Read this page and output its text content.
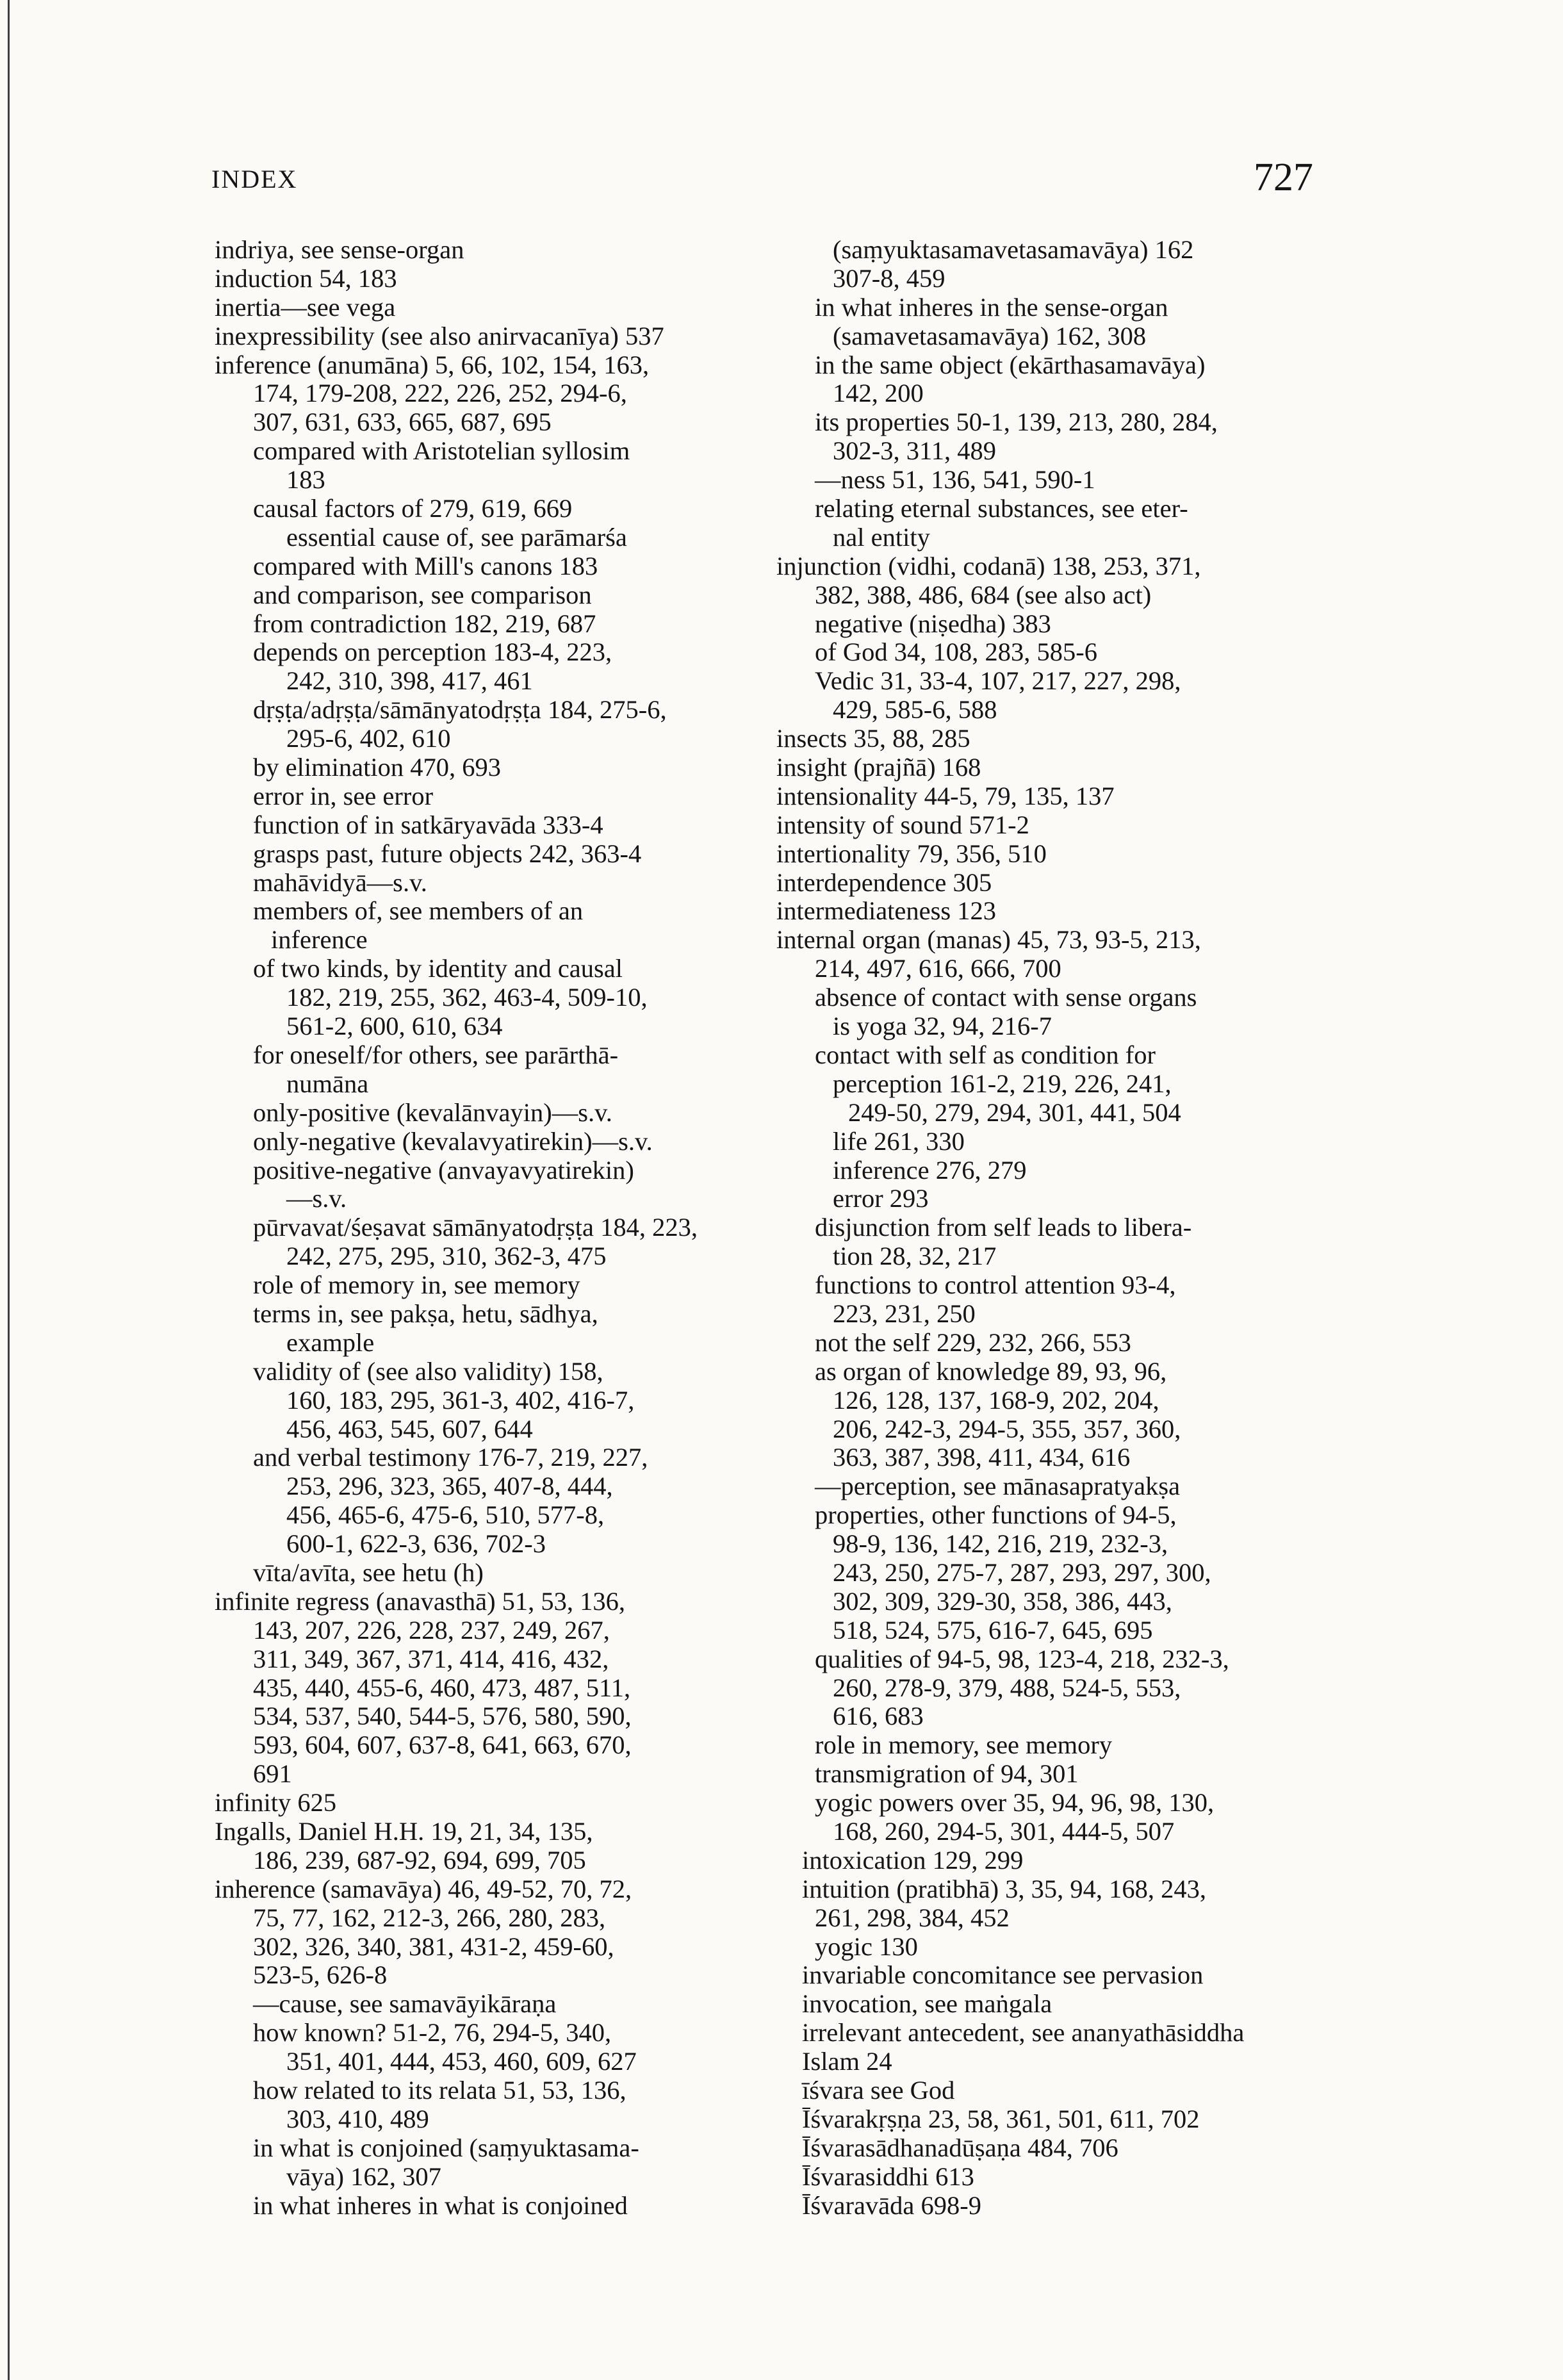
INDEX	727
indriya, see sense-organ
induction 54, 183
inertia—see vega
inexpressibility (see also anirvacanīya) 537
inference (anumāna) 5, 66, 102, 154, 163,
174, 179-208, 222, 226, 252, 294-6,
307, 631, 633, 665, 687, 695
compared with Aristotelian syllosim
183
causal factors of 279, 619, 669
essential cause of, see parāmarśa
compared with Mill's canons 183
and comparison, see comparison
from contradiction 182, 219, 687
depends on perception 183-4, 223,
242, 310, 398, 417, 461
dṛṣṭa/adṛṣṭa/sāmānyatodṛṣṭa 184, 275-6,
295-6, 402, 610
by elimination 470, 693
error in, see error
function of in satkāryavāda 333-4
grasps past, future objects 242, 363-4
mahāvidyā—s.v.
members of, see members of an
inference
of two kinds, by identity and causal
182, 219, 255, 362, 463-4, 509-10,
561-2, 600, 610, 634
for oneself/for others, see parārthā-
numāna
only-positive (kevalānvayin)—s.v.
only-negative (kevalavyatirekin)—s.v.
positive-negative (anvayavyatirekin)
—s.v.
pūrvavat/śeṣavat sāmānyatodṛṣṭa 184, 223,
242, 275, 295, 310, 362-3, 475
role of memory in, see memory
terms in, see pakṣa, hetu, sādhya,
example
validity of (see also validity) 158,
160, 183, 295, 361-3, 402, 416-7,
456, 463, 545, 607, 644
and verbal testimony 176-7, 219, 227,
253, 296, 323, 365, 407-8, 444,
456, 465-6, 475-6, 510, 577-8,
600-1, 622-3, 636, 702-3
vīta/avīta, see hetu (h)
infinite regress (anavasthā) 51, 53, 136,
143, 207, 226, 228, 237, 249, 267,
311, 349, 367, 371, 414, 416, 432,
435, 440, 455-6, 460, 473, 487, 511,
534, 537, 540, 544-5, 576, 580, 590,
593, 604, 607, 637-8, 641, 663, 670,
691
infinity 625
Ingalls, Daniel H.H. 19, 21, 34, 135,
186, 239, 687-92, 694, 699, 705
inherence (samavāya) 46, 49-52, 70, 72,
75, 77, 162, 212-3, 266, 280, 283,
302, 326, 340, 381, 431-2, 459-60,
523-5, 626-8
—cause, see samavāyikāraṇa
how known? 51-2, 76, 294-5, 340,
351, 401, 444, 453, 460, 609, 627
how related to its relata 51, 53, 136,
303, 410, 489
in what is conjoined (saṃyuktasama-
vāya) 162, 307
in what inheres in what is conjoined
(saṃyuktasamavetasamavāya) 162
307-8, 459
in what inheres in the sense-organ
(samavetasamavāya) 162, 308
in the same object (ekārthasamavāya)
142, 200
its properties 50-1, 139, 213, 280, 284,
302-3, 311, 489
—ness 51, 136, 541, 590-1
relating eternal substances, see eter-
nal entity
injunction (vidhi, codanā) 138, 253, 371,
382, 388, 486, 684 (see also act)
negative (niṣedha) 383
of God 34, 108, 283, 585-6
Vedic 31, 33-4, 107, 217, 227, 298,
429, 585-6, 588
insects 35, 88, 285
insight (prajñā) 168
intensionality 44-5, 79, 135, 137
intensity of sound 571-2
intertionality 79, 356, 510
interdependence 305
intermediateness 123
internal organ (manas) 45, 73, 93-5, 213,
214, 497, 616, 666, 700
absence of contact with sense organs
is yoga 32, 94, 216-7
contact with self as condition for
perception 161-2, 219, 226, 241,
249-50, 279, 294, 301, 441, 504
life 261, 330
inference 276, 279
error 293
disjunction from self leads to libera-
tion 28, 32, 217
functions to control attention 93-4,
223, 231, 250
not the self 229, 232, 266, 553
as organ of knowledge 89, 93, 96,
126, 128, 137, 168-9, 202, 204,
206, 242-3, 294-5, 355, 357, 360,
363, 387, 398, 411, 434, 616
—perception, see mānasapratyakṣa
properties, other functions of 94-5,
98-9, 136, 142, 216, 219, 232-3,
243, 250, 275-7, 287, 293, 297, 300,
302, 309, 329-30, 358, 386, 443,
518, 524, 575, 616-7, 645, 695
qualities of 94-5, 98, 123-4, 218, 232-3,
260, 278-9, 379, 488, 524-5, 553,
616, 683
role in memory, see memory
transmigration of 94, 301
yogic powers over 35, 94, 96, 98, 130,
168, 260, 294-5, 301, 444-5, 507
intoxication 129, 299
intuition (pratibhā) 3, 35, 94, 168, 243,
261, 298, 384, 452
yogic 130
invariable concomitance see pervasion
invocation, see maṅgala
irrelevant antecedent, see ananyathāsiddha
Islam 24
īśvara see God
Īśvarakṛṣṇa 23, 58, 361, 501, 611, 702
Īśvarasādhanadūṣaṇa 484, 706
Īśvarasiddhi 613
Īśvaravāda 698-9
